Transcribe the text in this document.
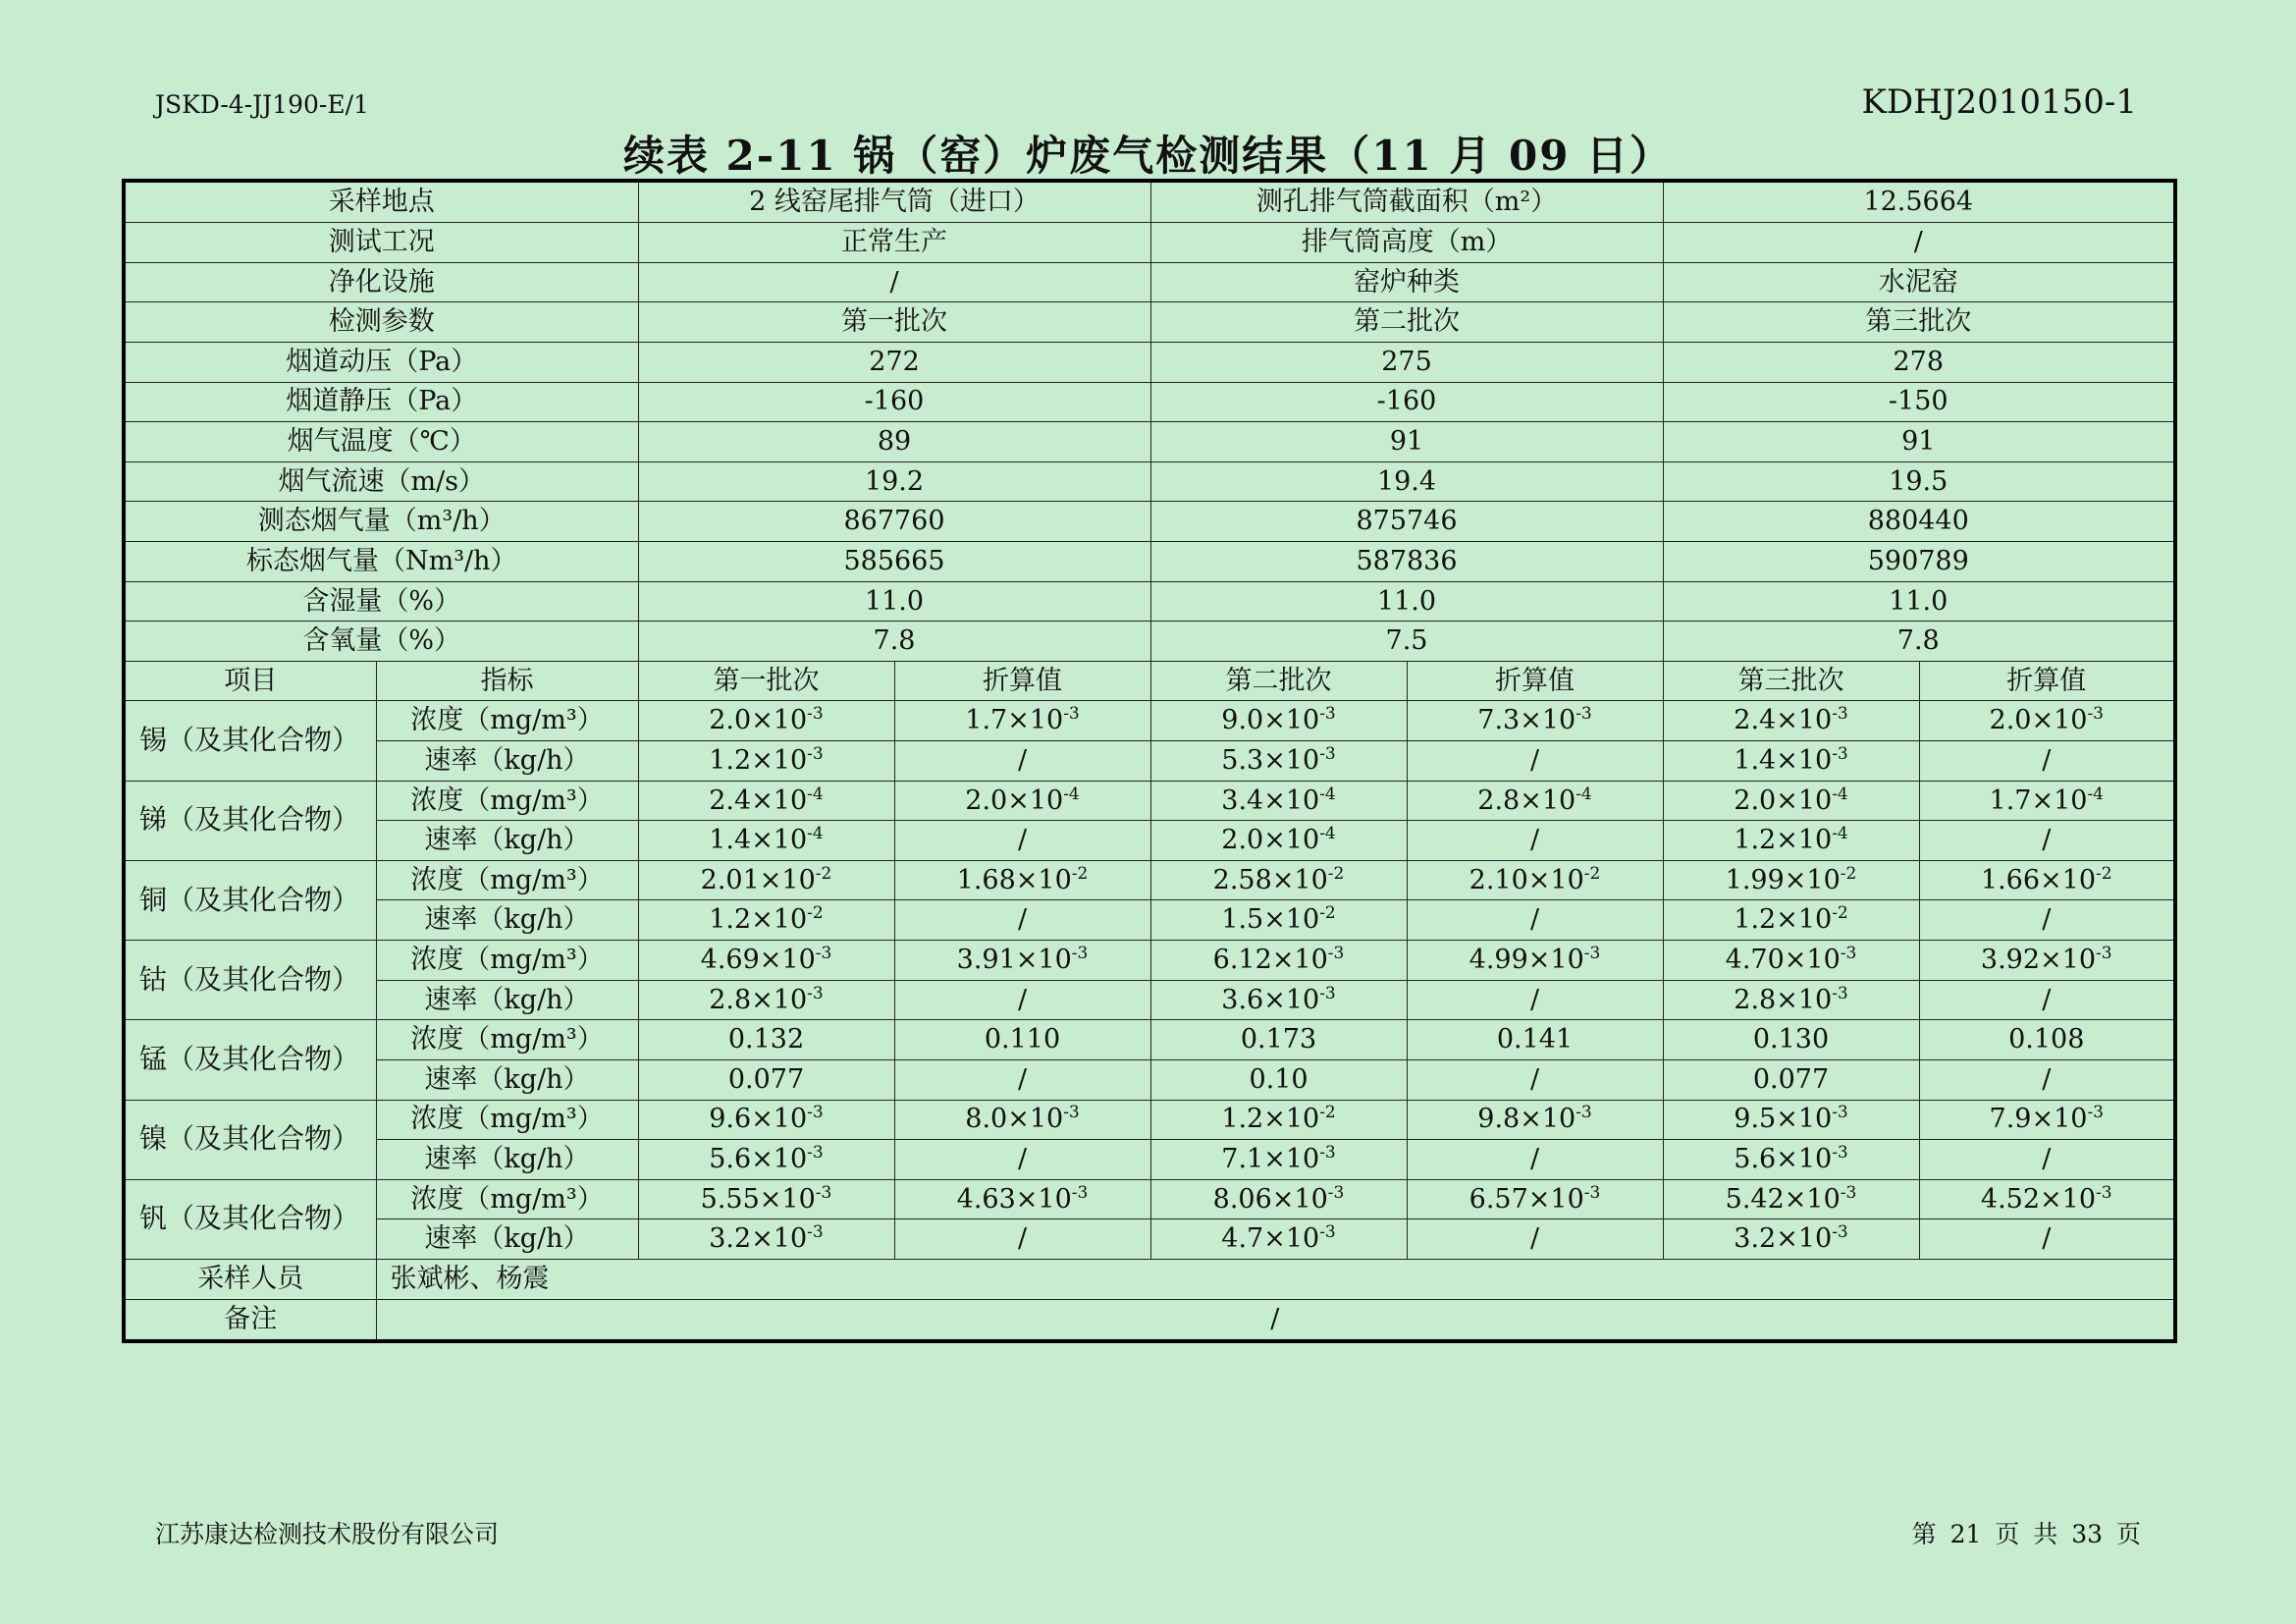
JSKD-4-JJ190-E/1	KDHJ2010150-1
续表 2-11 锅（窑）炉废气检测结果（11 月 09 日）
采样地点		2 线窑尾排气筒（进口）		测孔排气筒截面积（m²）		12.5664	
测试工况		正常生产		排气筒高度（m）		/	
净化设施		/		窑炉种类		水泥窑	
检测参数		第一批次		第二批次		第三批次	
烟道动压（Pa）		272		275		278	
烟道静压（Pa）		-160		-160		-150	
烟气温度（℃）		89		91		91	
烟气流速（m/s）		19.2		19.4		19.5	
测态烟气量（m³/h）		867760		875746		880440	
标态烟气量（Nm³/h）		585665		587836		590789	
含湿量（%）		11.0		11.0		11.0	
含氧量（%）		7.8		7.5		7.8	
项目	指标	第一批次	折算值	第二批次	折算值	第三批次	折算值
锡（及其化合物）	浓度（mg/m³）	$2.0\times 10^{-3}$	$1.7\times 10^{-3}$	$9.0\times 10^{-3}$	$7.3\times 10^{-3}$	$2.4\times 10^{-3}$	$2.0\times 10^{-3}$
	速率（kg/h）	$1.2\times 10^{-3}$	/	$5.3\times 10^{-3}$	/	$1.4\times 10^{-3}$	/
锑（及其化合物）	浓度（mg/m³）	$2.4\times 10^{-4}$	$2.0\times 10^{-4}$	$3.4\times 10^{-4}$	$2.8\times 10^{-4}$	$2.0\times 10^{-4}$	$1.7\times 10^{-4}$
	速率（kg/h）	$1.4\times 10^{-4}$	/	$2.0\times 10^{-4}$	/	$1.2\times 10^{-4}$	/
铜（及其化合物）	浓度（mg/m³）	$2.01\times 10^{-2}$	$1.68\times 10^{-2}$	$2.58\times 10^{-2}$	$2.10\times 10^{-2}$	$1.99\times 10^{-2}$	$1.66\times 10^{-2}$
	速率（kg/h）	$1.2\times 10^{-2}$	/	$1.5\times 10^{-2}$	/	$1.2\times 10^{-2}$	/
钴（及其化合物）	浓度（mg/m³）	$4.69\times 10^{-3}$	$3.91\times 10^{-3}$	$6.12\times 10^{-3}$	$4.99\times 10^{-3}$	$4.70\times 10^{-3}$	$3.92\times 10^{-3}$
	速率（kg/h）	$2.8\times 10^{-3}$	/	$3.6\times 10^{-3}$	/	$2.8\times 10^{-3}$	/
锰（及其化合物）	浓度（mg/m³）	0.132	0.110	0.173	0.141	0.130	0.108
	速率（kg/h）	0.077	/	0.10	/	0.077	/
镍（及其化合物）	浓度（mg/m³）	$9.6\times 10^{-3}$	$8.0\times 10^{-3}$	$1.2\times 10^{-2}$	$9.8\times 10^{-3}$	$9.5\times 10^{-3}$	$7.9\times 10^{-3}$
	速率（kg/h）	$5.6\times 10^{-3}$	/	$7.1\times 10^{-3}$	/	$5.6\times 10^{-3}$	/
钒（及其化合物）	浓度（mg/m³）	$5.55\times 10^{-3}$	$4.63\times 10^{-3}$	$8.06\times 10^{-3}$	$6.57\times 10^{-3}$	$5.42\times 10^{-3}$	$4.52\times 10^{-3}$
	速率（kg/h）	$3.2\times 10^{-3}$	/	$4.7\times 10^{-3}$	/	$3.2\times 10^{-3}$	/
采样人员	张斌彬、杨震						
备注	/						
江苏康达检测技术股份有限公司	第 21 页 共 33 页
